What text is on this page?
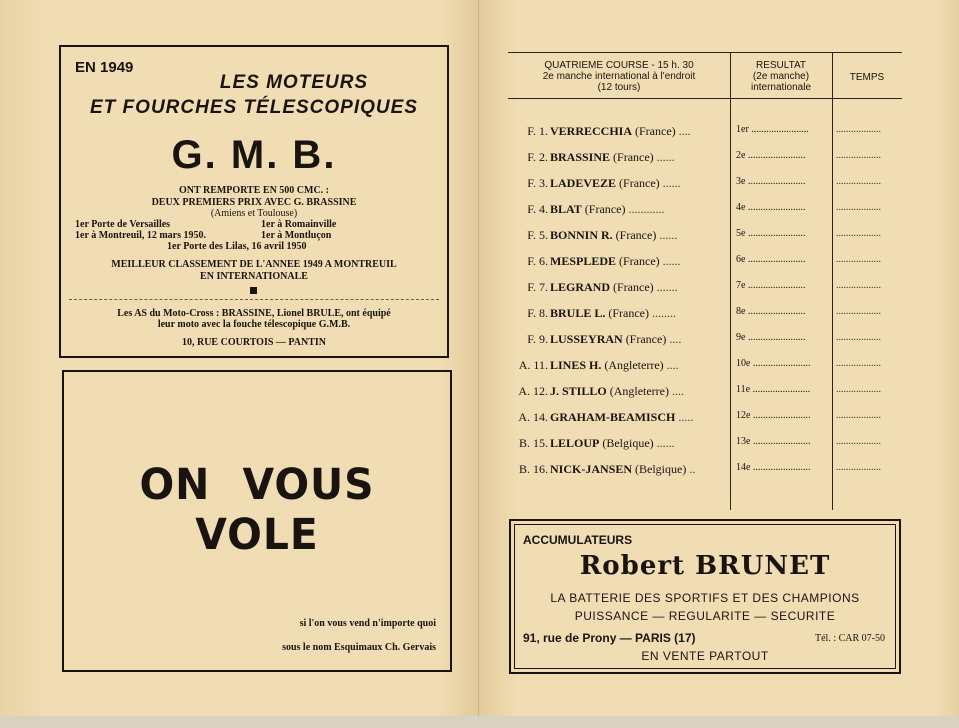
EN 1949
LES MOTEURS
ET FOURCHES TÉLESCOPIQUES
G. M. B.
ONT REMPORTE EN 500 CMC. :
DEUX PREMIERS PRIX AVEC G. BRASSINE
(Amiens et Toulouse)
1er Porte de Versailles	1er à Romainville
1er à Montreuil, 12 mars 1950.	1er à Montluçon
1er Porte des Lilas, 16 avril 1950
MEILLEUR CLASSEMENT DE L'ANNEE 1949 A MONTREUIL
EN INTERNATIONALE
Les AS du Moto-Cross : BRASSINE, Lionel BRULE, ont équipé
leur moto avec la fouche télescopique G.M.B.
10, RUE COURTOIS — PANTIN
ON VOUS VOLE
si l'on vous vend n'importe quoi
sous le nom Esquimaux Ch. Gervais
QUATRIEME COURSE - 15 h. 30
2e manche international à l'endroit
(12 tours)
RESULTAT
(2e manche)
internationale
TEMPS
F. 1. VERRECCHIA (France) ....	1er .......................	..................
F. 2. BRASSINE (France) ......	2e .......................	..................
F. 3. LADEVEZE (France) ......	3e .......................	..................
F. 4. BLAT (France) ............	4e .......................	..................
F. 5. BONNIN R. (France) ......	5e .......................	..................
F. 6. MESPLEDE (France) ......	6e .......................	..................
F. 7. LEGRAND (France) .......	7e .......................	..................
F. 8. BRULE L. (France) ........	8e .......................	..................
F. 9. LUSSEYRAN (France) ....	9e .......................	..................
A. 11. LINES H. (Angleterre) ....	10e .......................	..................
A. 12. J. STILLO (Angleterre) ....	11e .......................	..................
A. 14. GRAHAM-BEAMISCH .....	12e .......................	..................
B. 15. LELOUP (Belgique) ......	13e .......................	..................
B. 16. NICK-JANSEN (Belgique) ..	14e .......................	..................
ACCUMULATEURS
Robert BRUNET
LA BATTERIE DES SPORTIFS ET DES CHAMPIONS
PUISSANCE — REGULARITE — SECURITE
91, rue de Prony — PARIS (17)	Tél. : CAR 07-50
EN VENTE PARTOUT
